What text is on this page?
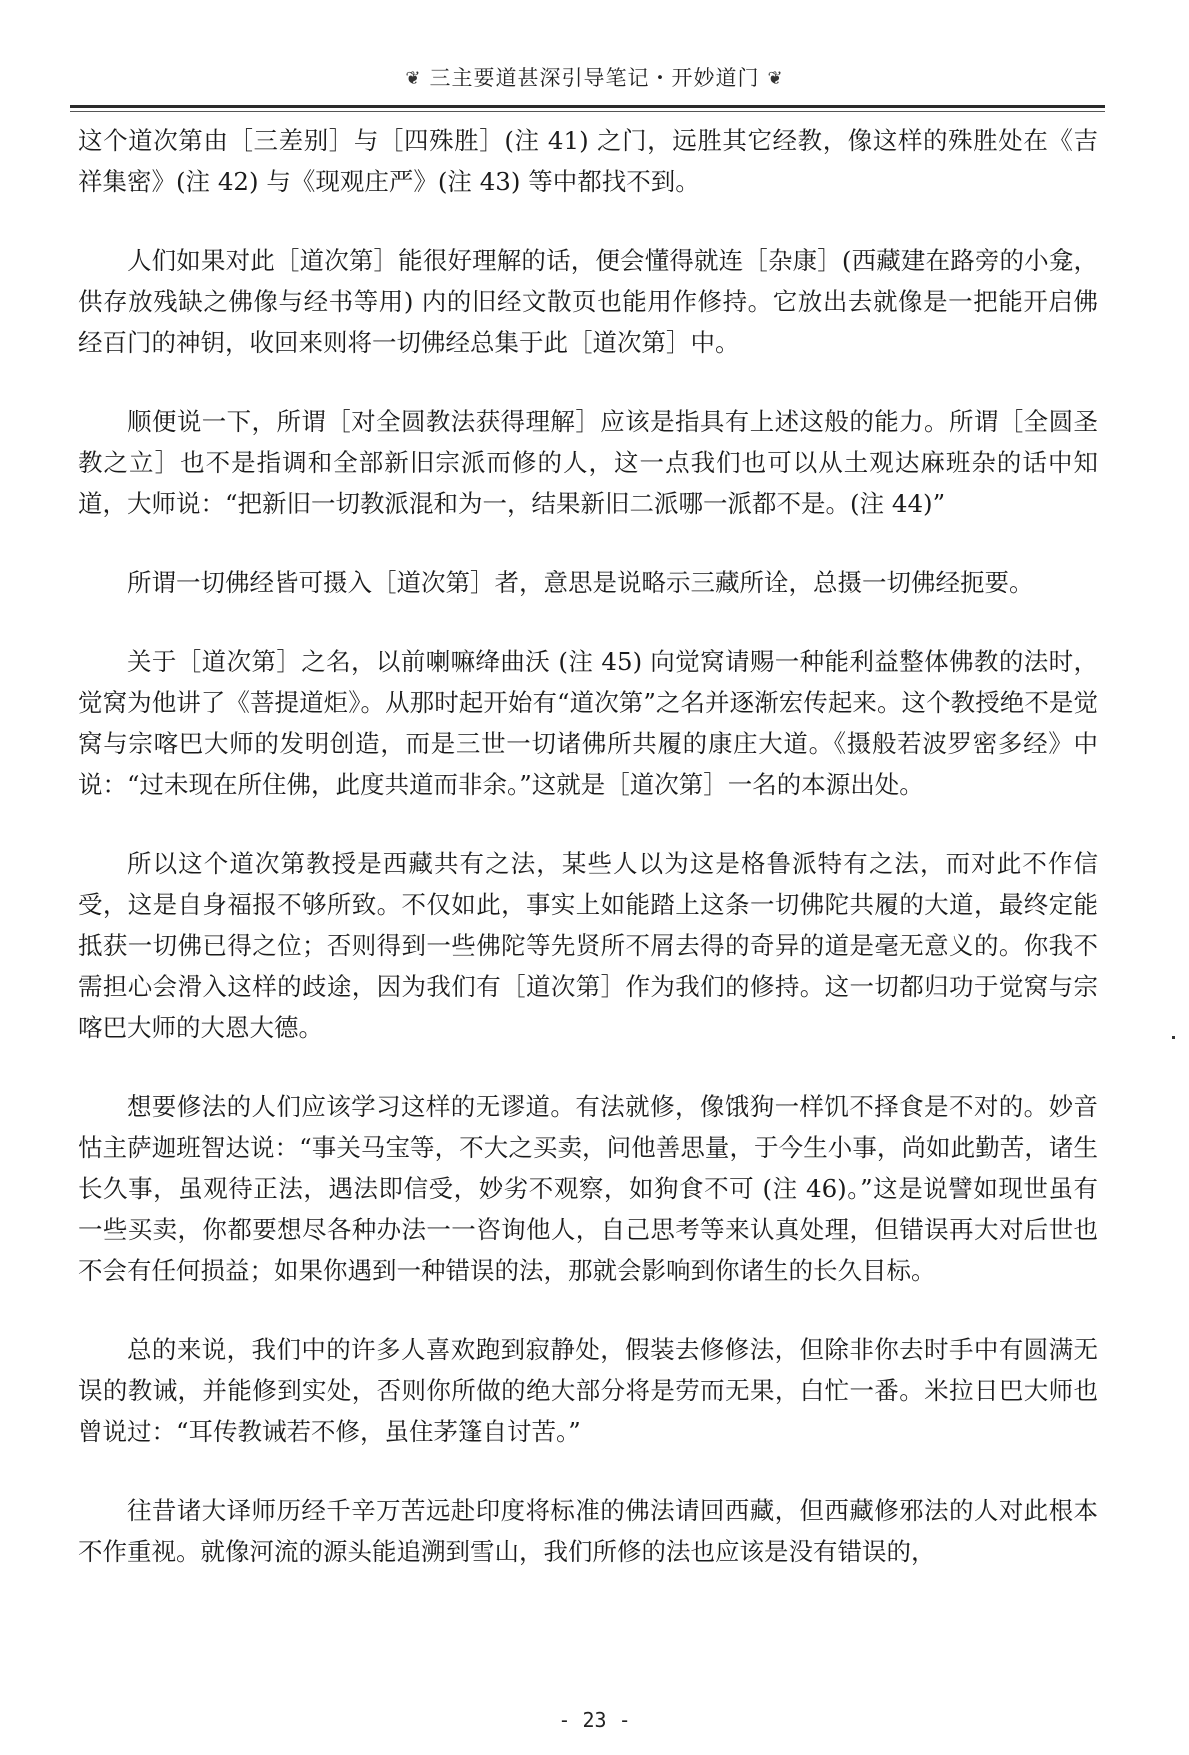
❦ 三主要道甚深引导笔记・开妙道门 ❦

这个道次第由［三差别］与［四殊胜］(注 41) 之门，远胜其它经教，像这样的殊胜处在《吉祥集密》(注 42) 与《现观庄严》(注 43) 等中都找不到。

人们如果对此［道次第］能很好理解的话，便会懂得就连［杂康］(西藏建在路旁的小龛，供存放残缺之佛像与经书等用) 内的旧经文散页也能用作修持。它放出去就像是一把能开启佛经百门的神钥，收回来则将一切佛经总集于此［道次第］中。

顺便说一下，所谓［对全圆教法获得理解］应该是指具有上述这般的能力。所谓［全圆圣教之立］也不是指调和全部新旧宗派而修的人，这一点我们也可以从土观达麻班杂的话中知道，大师说：“把新旧一切教派混和为一，结果新旧二派哪一派都不是。(注 44)”

所谓一切佛经皆可摄入［道次第］者，意思是说略示三藏所诠，总摄一切佛经扼要。

关于［道次第］之名，以前喇嘛绛曲沃 (注 45) 向觉窝请赐一种能利益整体佛教的法时，觉窝为他讲了《菩提道炬》。从那时起开始有“道次第”之名并逐渐宏传起来。这个教授绝不是觉窝与宗喀巴大师的发明创造，而是三世一切诸佛所共履的康庄大道。《摄般若波罗密多经》中说：“过未现在所住佛，此度共道而非余。”这就是［道次第］一名的本源出处。

所以这个道次第教授是西藏共有之法，某些人以为这是格鲁派特有之法，而对此不作信受，这是自身福报不够所致。不仅如此，事实上如能踏上这条一切佛陀共履的大道，最终定能抵获一切佛已得之位；否则得到一些佛陀等先贤所不屑去得的奇异的道是毫无意义的。你我不需担心会滑入这样的歧途，因为我们有［道次第］作为我们的修持。这一切都归功于觉窝与宗喀巴大师的大恩大德。

想要修法的人们应该学习这样的无谬道。有法就修，像饿狗一样饥不择食是不对的。妙音怙主萨迦班智达说：“事关马宝等，不大之买卖，问他善思量，于今生小事，尚如此勤苦，诸生长久事，虽观待正法，遇法即信受，妙劣不观察，如狗食不可 (注 46)。”这是说譬如现世虽有一些买卖，你都要想尽各种办法一一咨询他人，自己思考等来认真处理，但错误再大对后世也不会有任何损益；如果你遇到一种错误的法，那就会影响到你诸生的长久目标。

总的来说，我们中的许多人喜欢跑到寂静处，假装去修修法，但除非你去时手中有圆满无误的教诫，并能修到实处，否则你所做的绝大部分将是劳而无果，白忙一番。米拉日巴大师也曾说过：“耳传教诫若不修，虽住茅篷自讨苦。”

往昔诸大译师历经千辛万苦远赴印度将标准的佛法请回西藏，但西藏修邪法的人对此根本不作重视。就像河流的源头能追溯到雪山，我们所修的法也应该是没有错误的，

- 23 -
